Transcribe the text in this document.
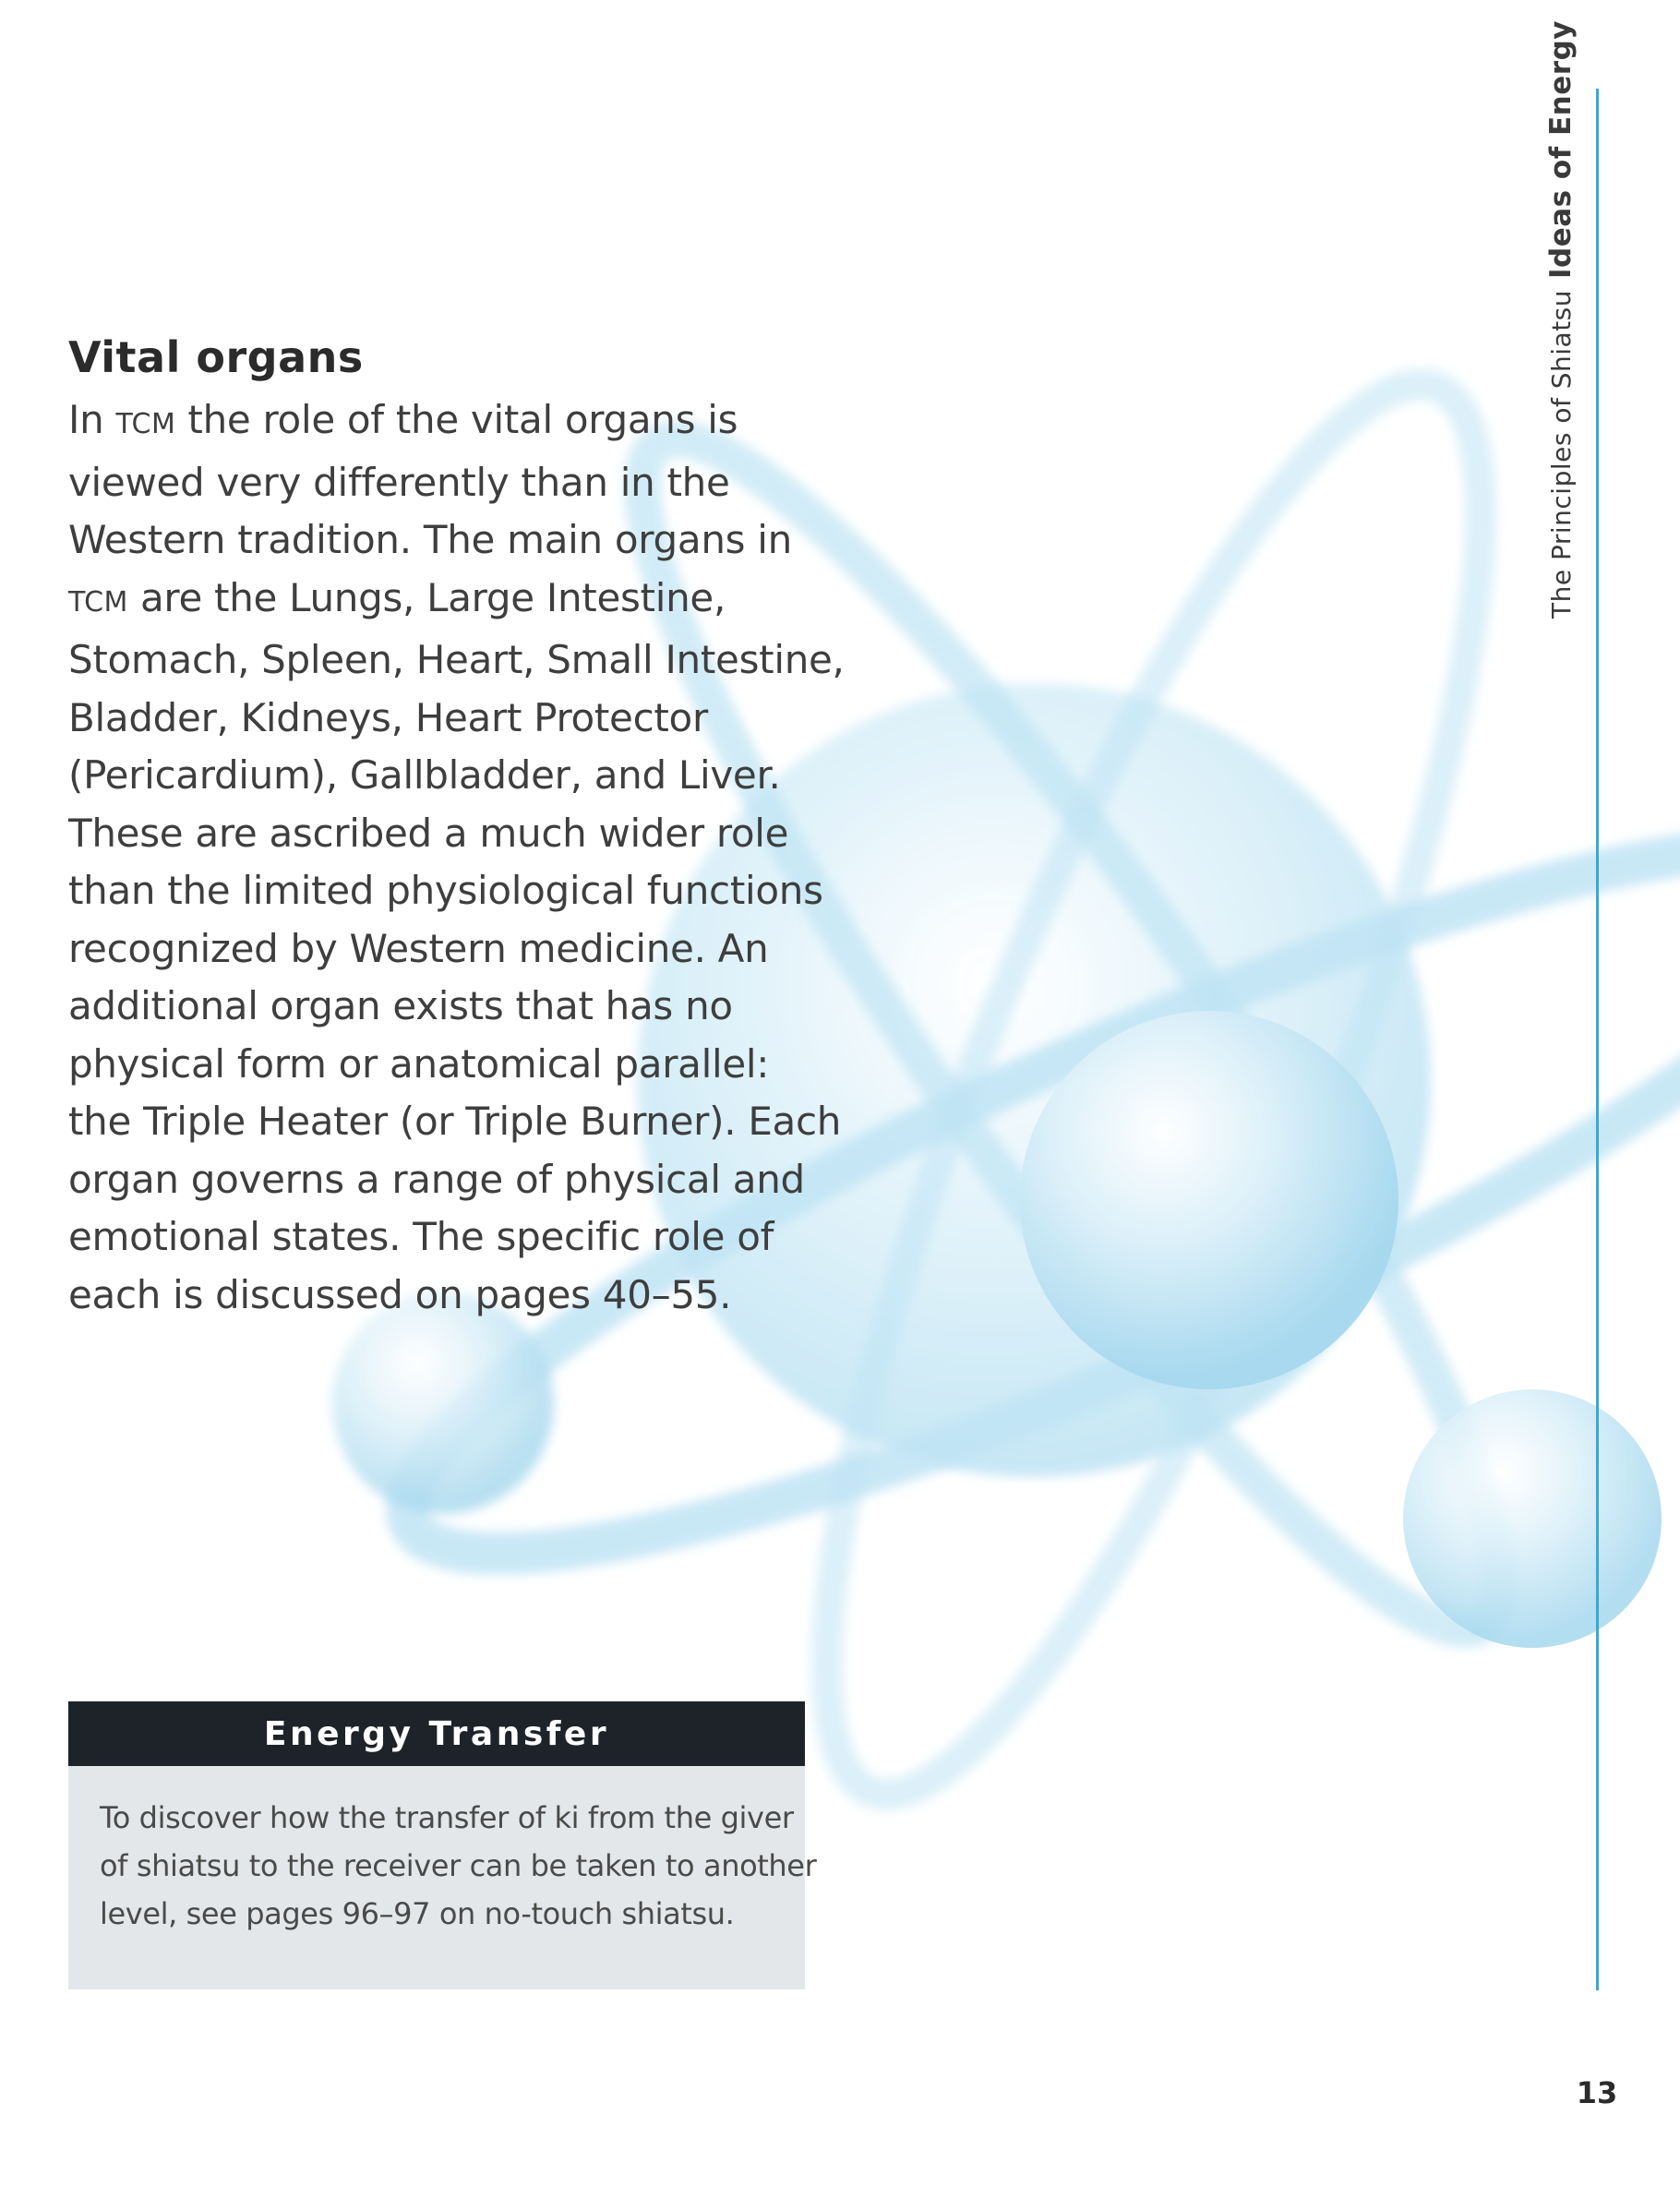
Vital organs

In TCM the role of the vital organs is
viewed very differently than in the
Western tradition. The main organs in
TCM are the Lungs, Large Intestine,
Stomach, Spleen, Heart, Small Intestine,
Bladder, Kidneys, Heart Protector
(Pericardium), Gallbladder, and Liver.
These are ascribed a much wider role
than the limited physiological functions
recognized by Western medicine. An
additional organ exists that has no
physical form or anatomical parallel:
the Triple Heater (or Triple Burner). Each
organ governs a range of physical and
emotional states. The specific role of
each is discussed on pages 40–55.

Energy Transfer
To discover how the transfer of ki from the giver
of shiatsu to the receiver can be taken to another
level, see pages 96–97 on no-touch shiatsu.
The Principles of ShiatsuIdeas of Energy
13
